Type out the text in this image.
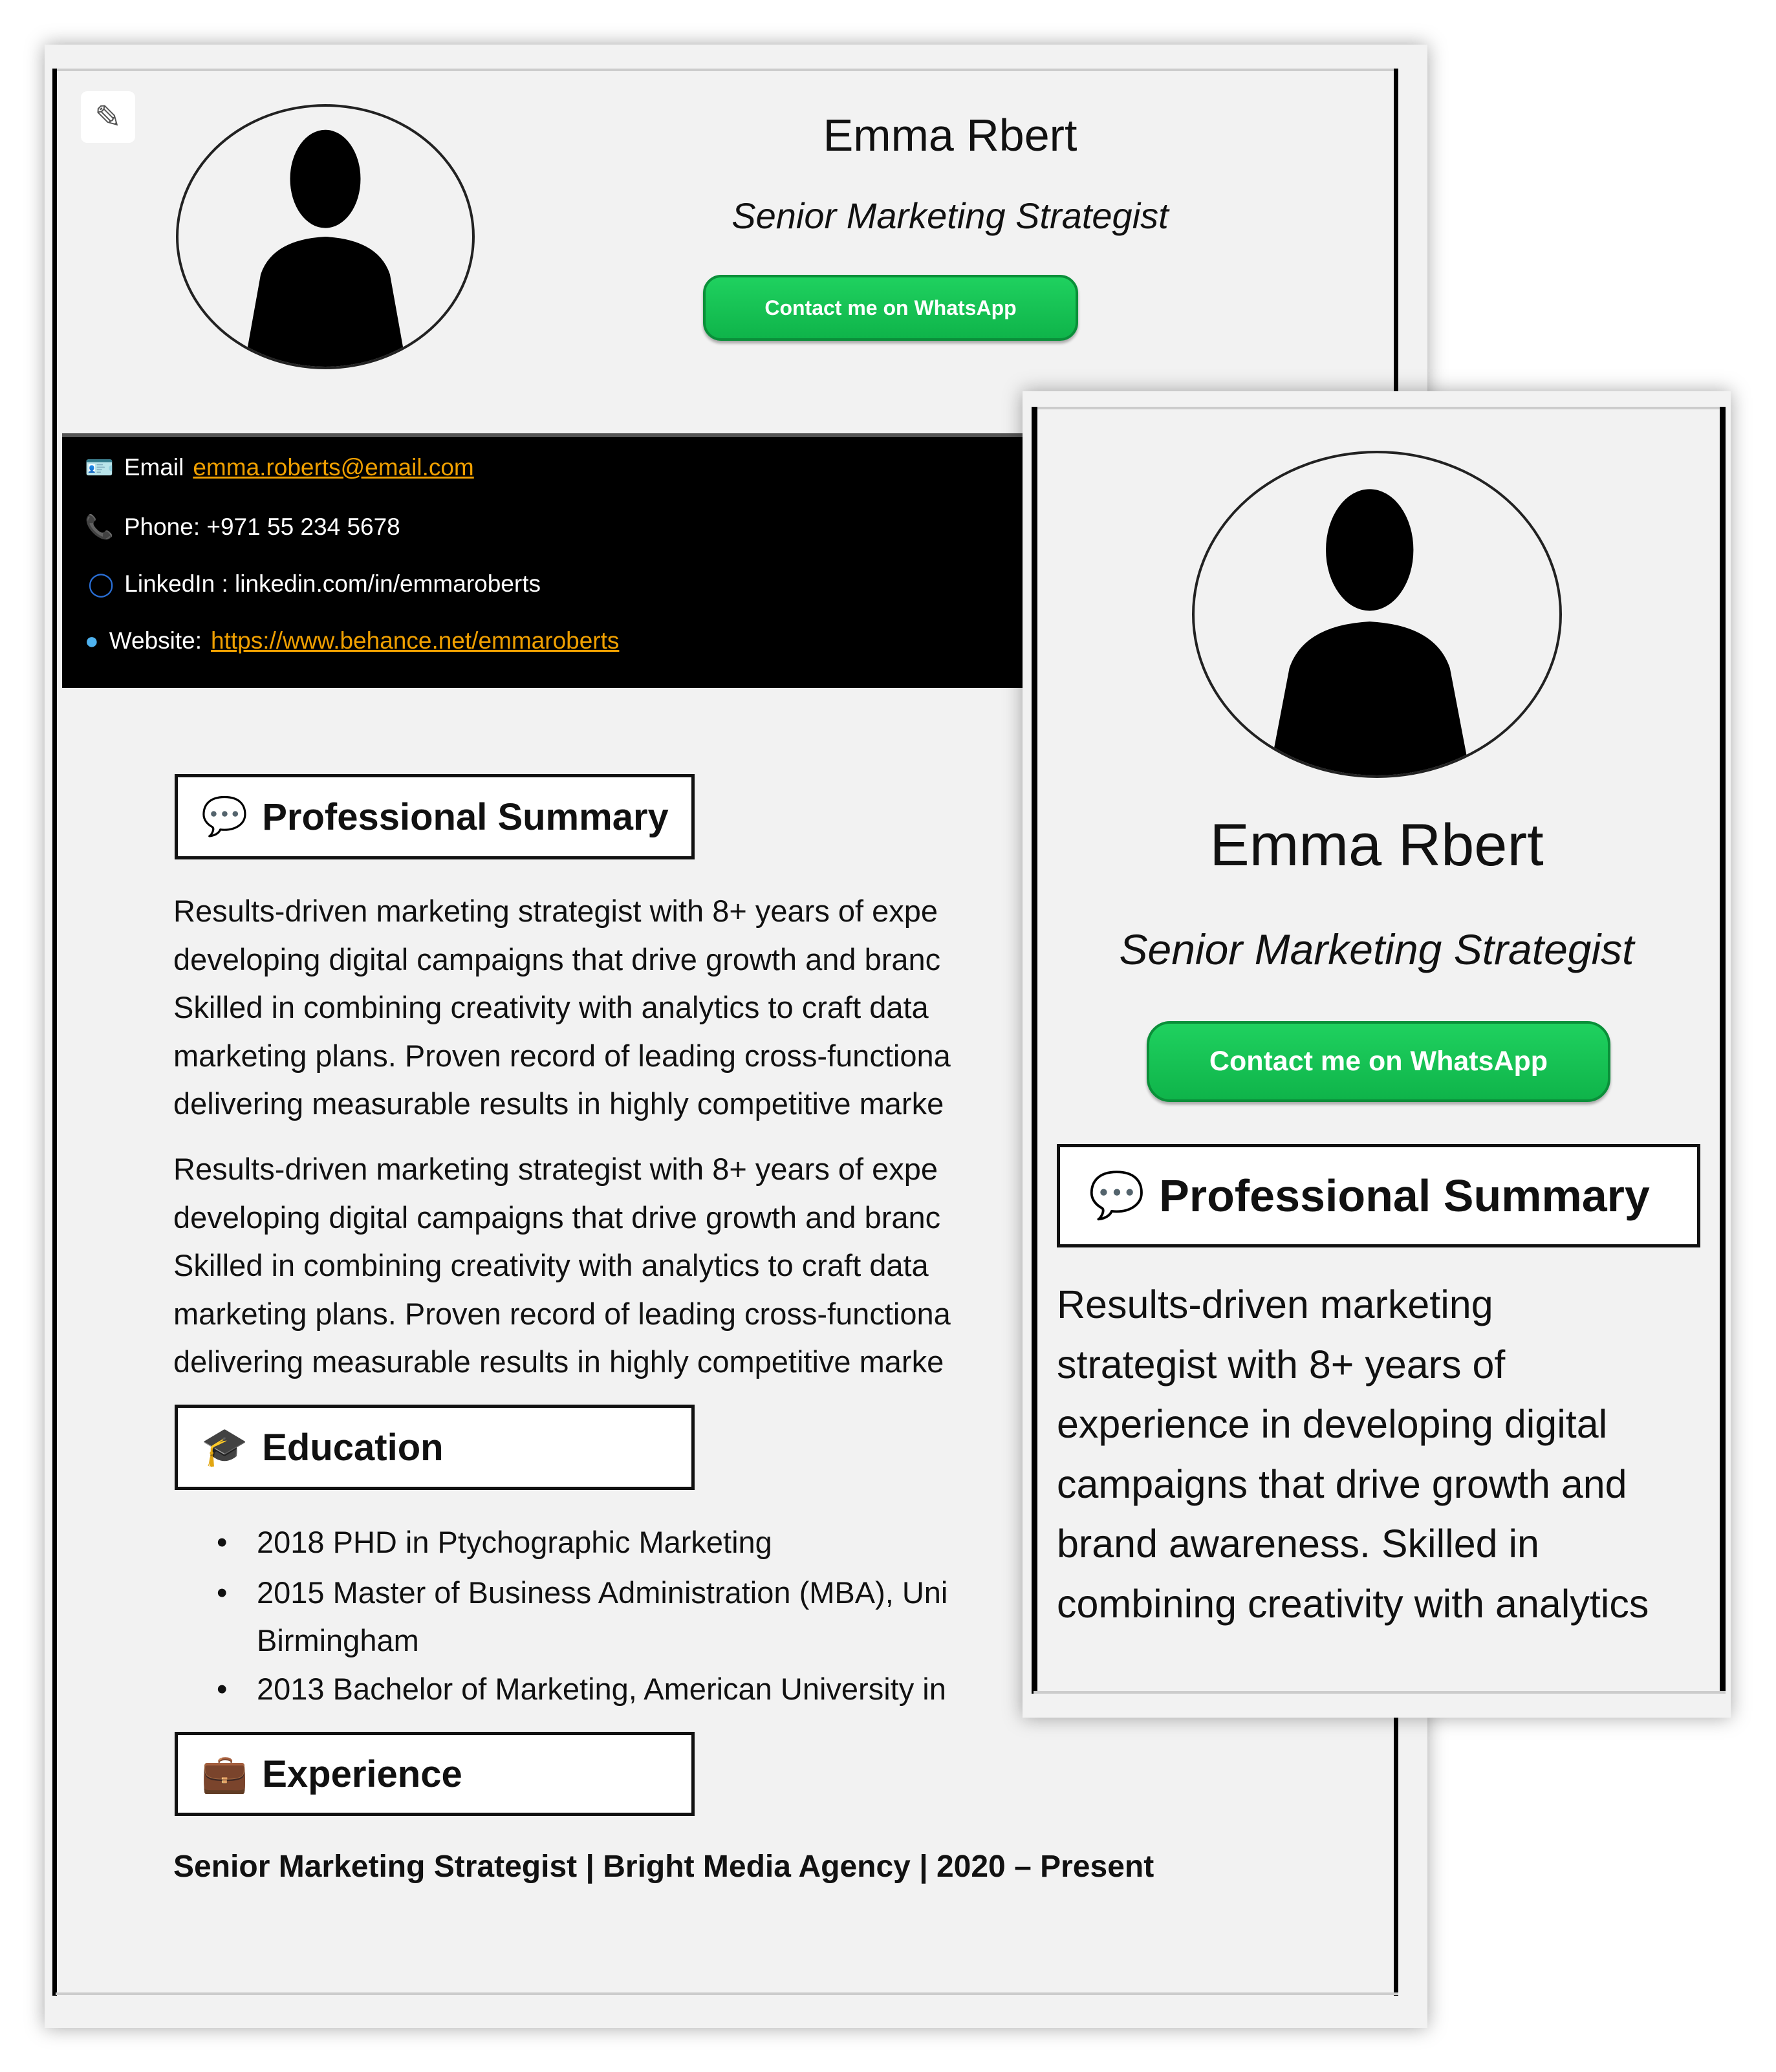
✎	Emma Rbert
Senior Marketing Strategist
Contact me on WhatsApp
🪪 Email emma.roberts@email.com
📞 Phone: +971 55 234 5678
◯ LinkedIn : linkedin.com/in/emmaroberts
● Website: https://www.behance.net/emmaroberts
💬 Professional Summary
Results-driven marketing strategist with 8+ years of expe
developing digital campaigns that drive growth and branc
Skilled in combining creativity with analytics to craft data
marketing plans. Proven record of leading cross-functiona
delivering measurable results in highly competitive marke
Results-driven marketing strategist with 8+ years of expe
developing digital campaigns that drive growth and branc
Skilled in combining creativity with analytics to craft data
marketing plans. Proven record of leading cross-functiona
delivering measurable results in highly competitive marke
🎓 Education
• 2018 PHD in Ptychographic Marketing
• 2015 Master of Business Administration (MBA), Uni
Birmingham
• 2013 Bachelor of Marketing, American University in
💼 Experience
Senior Marketing Strategist | Bright Media Agency | 2020 – Present
Emma Rbert
Senior Marketing Strategist
Contact me on WhatsApp
💬 Professional Summary
Results-driven marketing
strategist with 8+ years of
experience in developing digital
campaigns that drive growth and
brand awareness. Skilled in
combining creativity with analytics
